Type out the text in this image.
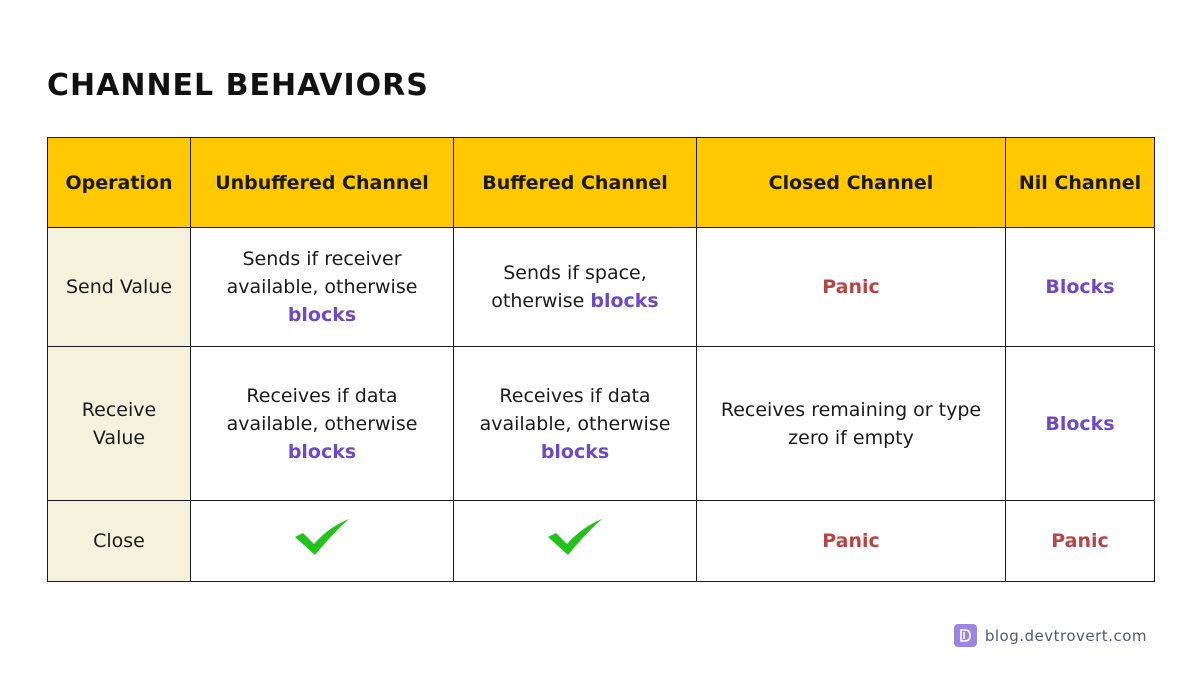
CHANNEL BEHAVIORS
Operation	Unbuffered Channel	Buffered Channel	Closed Channel	Nil Channel
Send Value	Sends if receiver available, otherwise blocks	Sends if space, otherwise blocks	Panic	Blocks
Receive Value	Receives if data available, otherwise blocks	Receives if data available, otherwise blocks	Receives remaining or type zero if empty	Blocks
Close			Panic	Panic
blog.devtrovert.com
